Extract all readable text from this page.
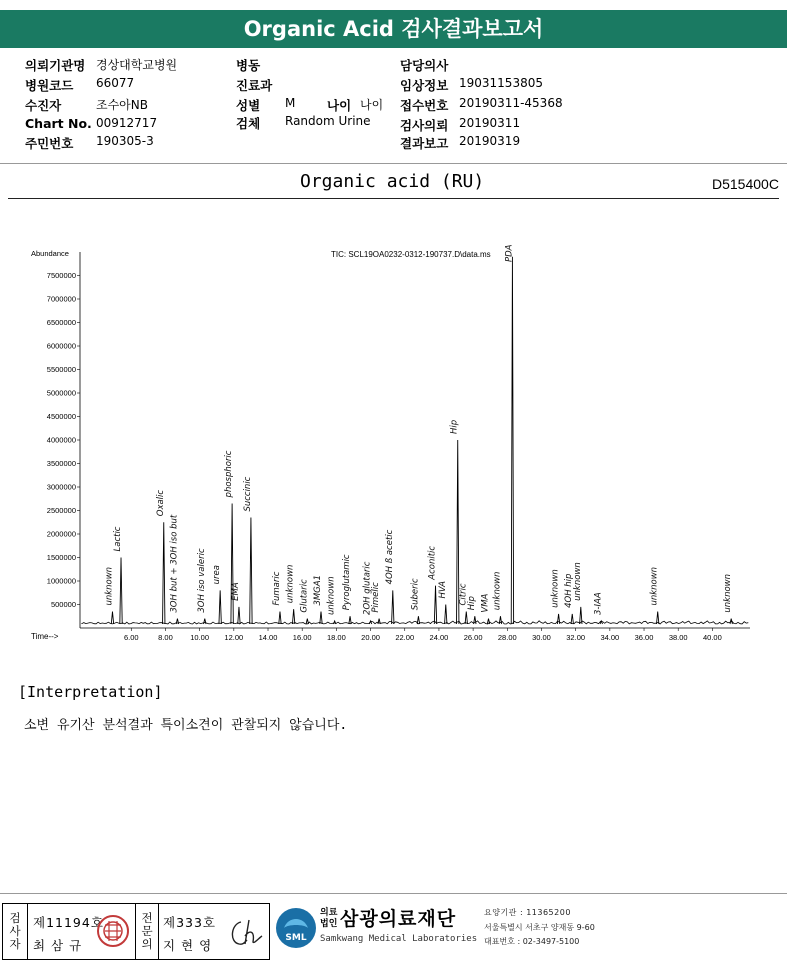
Organic Acid 검사결과보고서
의뢰기관명 경상대학교병원
병원코드 66077
수진자	조수아NB
Chart No. 00912717
주민번호 190305-3
병동
진료과
성별 M	나이 나이
검체 Random Urine
담당의사
임상정보 19031153805
접수번호 20190311-45368
검사의뢰 20190311
결과보고 20190319
Organic acid (RU)	D515400C
Abundance	TIC: SCL19OA0232-0312-190737.D\data.ms
Time-->
500000
1000000
1500000
2000000
2500000
3000000
3500000
4000000
4500000
5000000
5500000
6000000
6500000
7000000
7500000
6.00	8.00 10.00 12.00 14.00 16.00 18.00 20.00 22.00 24.00 26.00 28.00 30.00 32.00 34.00 36.00 38.00 40.00
unknown
Lactic
Oxalic
3OH but + 3OH iso but 3OH iso valeric urea
phosphoric
EMA
Succinic
Fumaric unknown Glutaric 3MGA1 unknown Pyroglutamic 2OH glutaric
Pimelic
4OH ß acetic
Suberic
Aconitic
HVA
Hip
Citric
Hip VMA unknown
PDA
unknown 4OH hip
unknown
3-IAA	unknown	unknown
[Interpretation]
소변 유기산 분석결과 특이소견이 관찰되지 않습니다.
검
사
자
제11194호
최 삼 규
전
문
의
제333호
지 현 영	SML
의료
법인 삼광의료재단
Samkwang Medical Laboratories
요양기관 : 11365200
서울특별시 서초구 양재동 9-60
대표번호 : 02-3497-5100
